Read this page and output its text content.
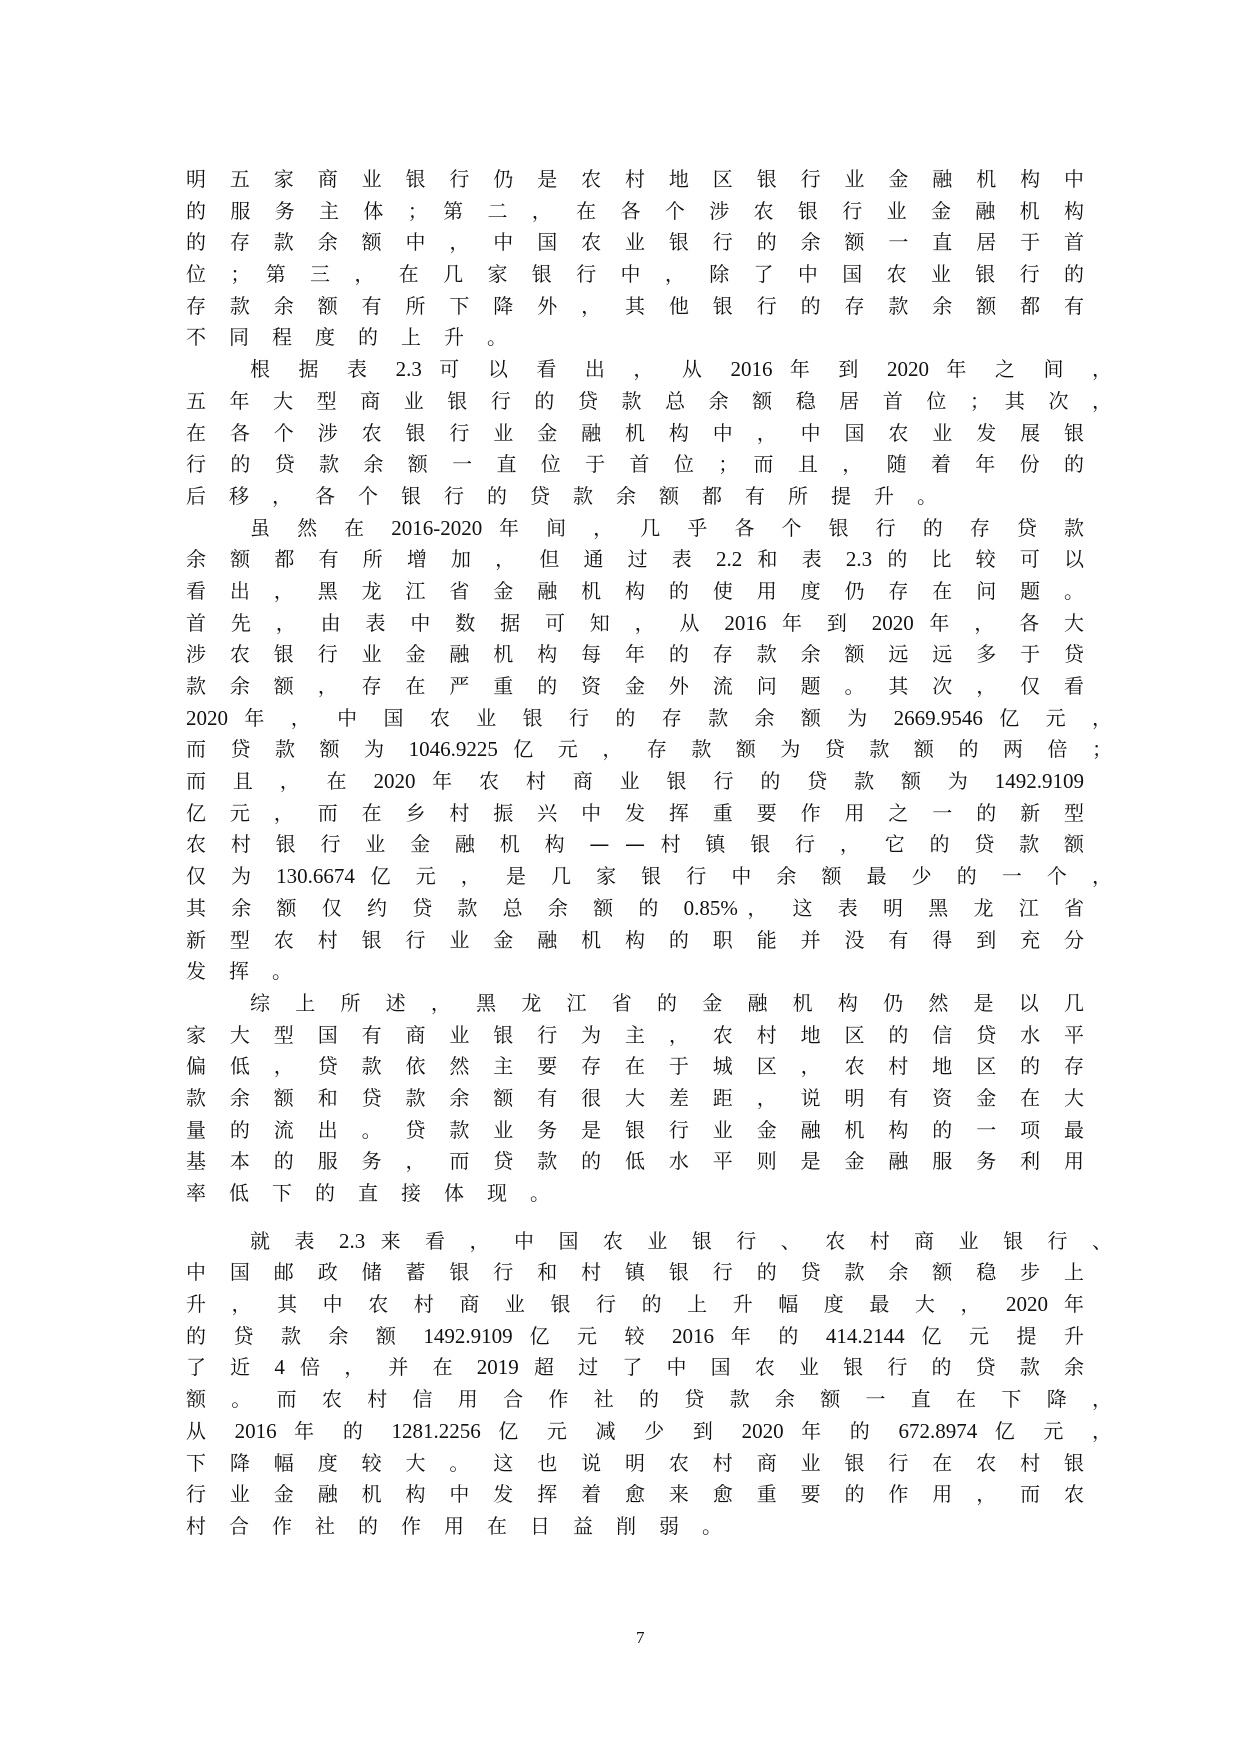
明 五 家 商 业 银 行 仍 是 农 村 地 区 银 行 业 金 融 机 构 中
的 服 务 主 体 ； 第 二 ， 在 各 个 涉 农 银 行 业 金 融 机 构
的 存 款 余 额 中 ， 中 国 农 业 银 行 的 余 额 一 直 居 于 首
位 ； 第 三 ， 在 几 家 银 行 中 ， 除 了 中 国 农 业 银 行 的
存 款 余 额 有 所 下 降 外 ， 其 他 银 行 的 存 款 余 额 都 有
不同程度的上升。
根 据 表 2.3 可 以 看 出 ， 从 2016 年 到 2020 年 之 间 ，
五 年 大 型 商 业 银 行 的 贷 款 总 余 额 稳 居 首 位 ； 其 次 ，
在 各 个 涉 农 银 行 业 金 融 机 构 中 ， 中 国 农 业 发 展 银
行 的 贷 款 余 额 一 直 位 于 首 位 ； 而 且 ， 随 着 年 份 的
后移，各个银行的贷款余额都有所提升。
虽 然 在 2016-2020 年 间 ， 几 乎 各 个 银 行 的 存 贷 款
余 额 都 有 所 增 加 ， 但 通 过 表 2.2 和 表 2.3 的 比 较 可 以
看 出 ， 黑 龙 江 省 金 融 机 构 的 使 用 度 仍 存 在 问 题 。
首 先 ， 由 表 中 数 据 可 知 ， 从 2016 年 到 2020 年 ， 各 大
涉 农 银 行 业 金 融 机 构 每 年 的 存 款 余 额 远 远 多 于 贷
款 余 额 ， 存 在 严 重 的 资 金 外 流 问 题 。 其 次 ， 仅 看
2020 年 ， 中 国 农 业 银 行 的 存 款 余 额 为 2669.9546 亿 元 ，
而 贷 款 额 为 1046.9225 亿 元 ， 存 款 额 为 贷 款 额 的 两 倍 ；
而 且 ， 在 2020 年 农 村 商 业 银 行 的 贷 款 额 为 1492.9109
亿 元 ， 而 在 乡 村 振 兴 中 发 挥 重 要 作 用 之 一 的 新 型
农 村 银 行 业 金 融 机 构 — — 村 镇 银 行 ， 它 的 贷 款 额
仅 为 130.6674 亿 元 ， 是 几 家 银 行 中 余 额 最 少 的 一 个 ，
其 余 额 仅 约 贷 款 总 余 额 的 0.85%， 这 表 明 黑 龙 江 省
新 型 农 村 银 行 业 金 融 机 构 的 职 能 并 没 有 得 到 充 分
发挥。
综 上 所 述 ， 黑 龙 江 省 的 金 融 机 构 仍 然 是 以 几
家 大 型 国 有 商 业 银 行 为 主 ， 农 村 地 区 的 信 贷 水 平
偏 低 ， 贷 款 依 然 主 要 存 在 于 城 区 ， 农 村 地 区 的 存
款 余 额 和 贷 款 余 额 有 很 大 差 距 ， 说 明 有 资 金 在 大
量 的 流 出 。 贷 款 业 务 是 银 行 业 金 融 机 构 的 一 项 最
基 本 的 服 务 ， 而 贷 款 的 低 水 平 则 是 金 融 服 务 利 用
率低下的直接体现。
就 表 2.3 来 看 ， 中 国 农 业 银 行 、 农 村 商 业 银 行 、
中 国 邮 政 储 蓄 银 行 和 村 镇 银 行 的 贷 款 余 额 稳 步 上
升 ， 其 中 农 村 商 业 银 行 的 上 升 幅 度 最 大 ， 2020 年
的 贷 款 余 额 1492.9109 亿 元 较 2016 年 的 414.2144 亿 元 提 升
了 近 4 倍 ， 并 在 2019 超 过 了 中 国 农 业 银 行 的 贷 款 余
额 。 而 农 村 信 用 合 作 社 的 贷 款 余 额 一 直 在 下 降 ，
从 2016 年 的 1281.2256 亿 元 减 少 到 2020 年 的 672.8974 亿 元 ，
下 降 幅 度 较 大 。 这 也 说 明 农 村 商 业 银 行 在 农 村 银
行 业 金 融 机 构 中 发 挥 着 愈 来 愈 重 要 的 作 用 ， 而 农
村合作社的作用在日益削弱。
7
